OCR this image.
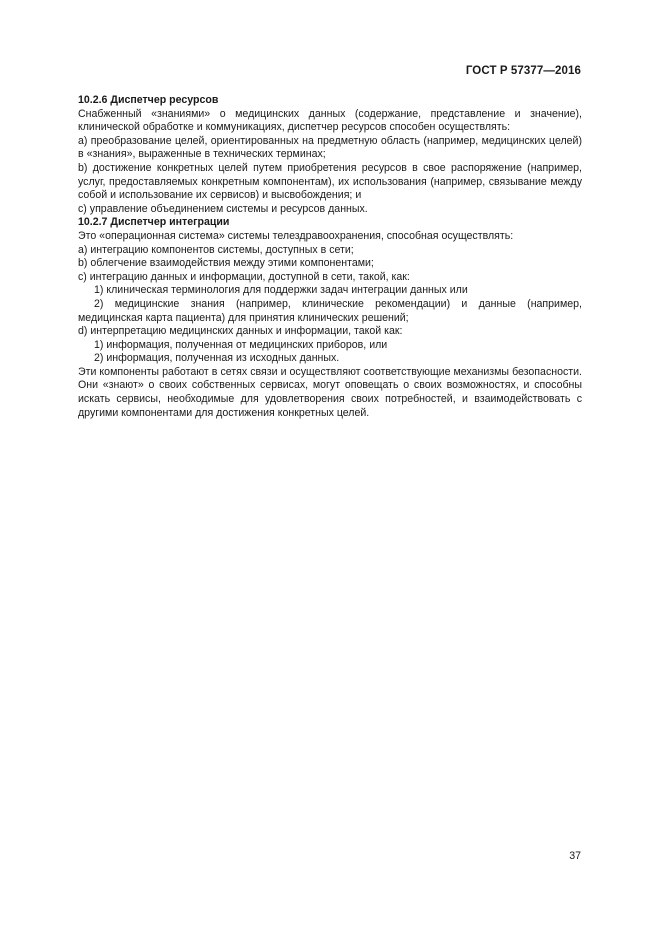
ГОСТ Р 57377—2016

10.2.6 Диспетчер ресурсов

Снабженный «знаниями» о медицинских данных (содержание, представление и значение), клинической обработке и коммуникациях, диспетчер ресурсов способен осуществлять:

a) преобразование целей, ориентированных на предметную область (например, медицинских целей) в «знания», выраженные в технических терминах;

b) достижение конкретных целей путем приобретения ресурсов в свое распоряжение (например, услуг, предоставляемых конкретным компонентам), их использования (например, связывание между собой и использование их сервисов) и высвобождения; и

c) управление объединением системы и ресурсов данных.

10.2.7 Диспетчер интеграции

Это «операционная система» системы телездравоохранения, способная осуществлять:

a) интеграцию компонентов системы, доступных в сети;

b) облегчение взаимодействия между этими компонентами;

c) интеграцию данных и информации, доступной в сети, такой, как:

1) клиническая терминология для поддержки задач интеграции данных или

2) медицинские знания (например, клинические рекомендации) и данные (например, медицинская карта пациента) для принятия клинических решений;

d) интерпретацию медицинских данных и информации, такой как:

1) информация, полученная от медицинских приборов, или

2) информация, полученная из исходных данных.

Эти компоненты работают в сетях связи и осуществляют соответствующие механизмы безопасности. Они «знают» о своих собственных сервисах, могут оповещать о своих возможностях, и способны искать сервисы, необходимые для удовлетворения своих потребностей, и взаимодействовать с другими компонентами для достижения конкретных целей.

37
